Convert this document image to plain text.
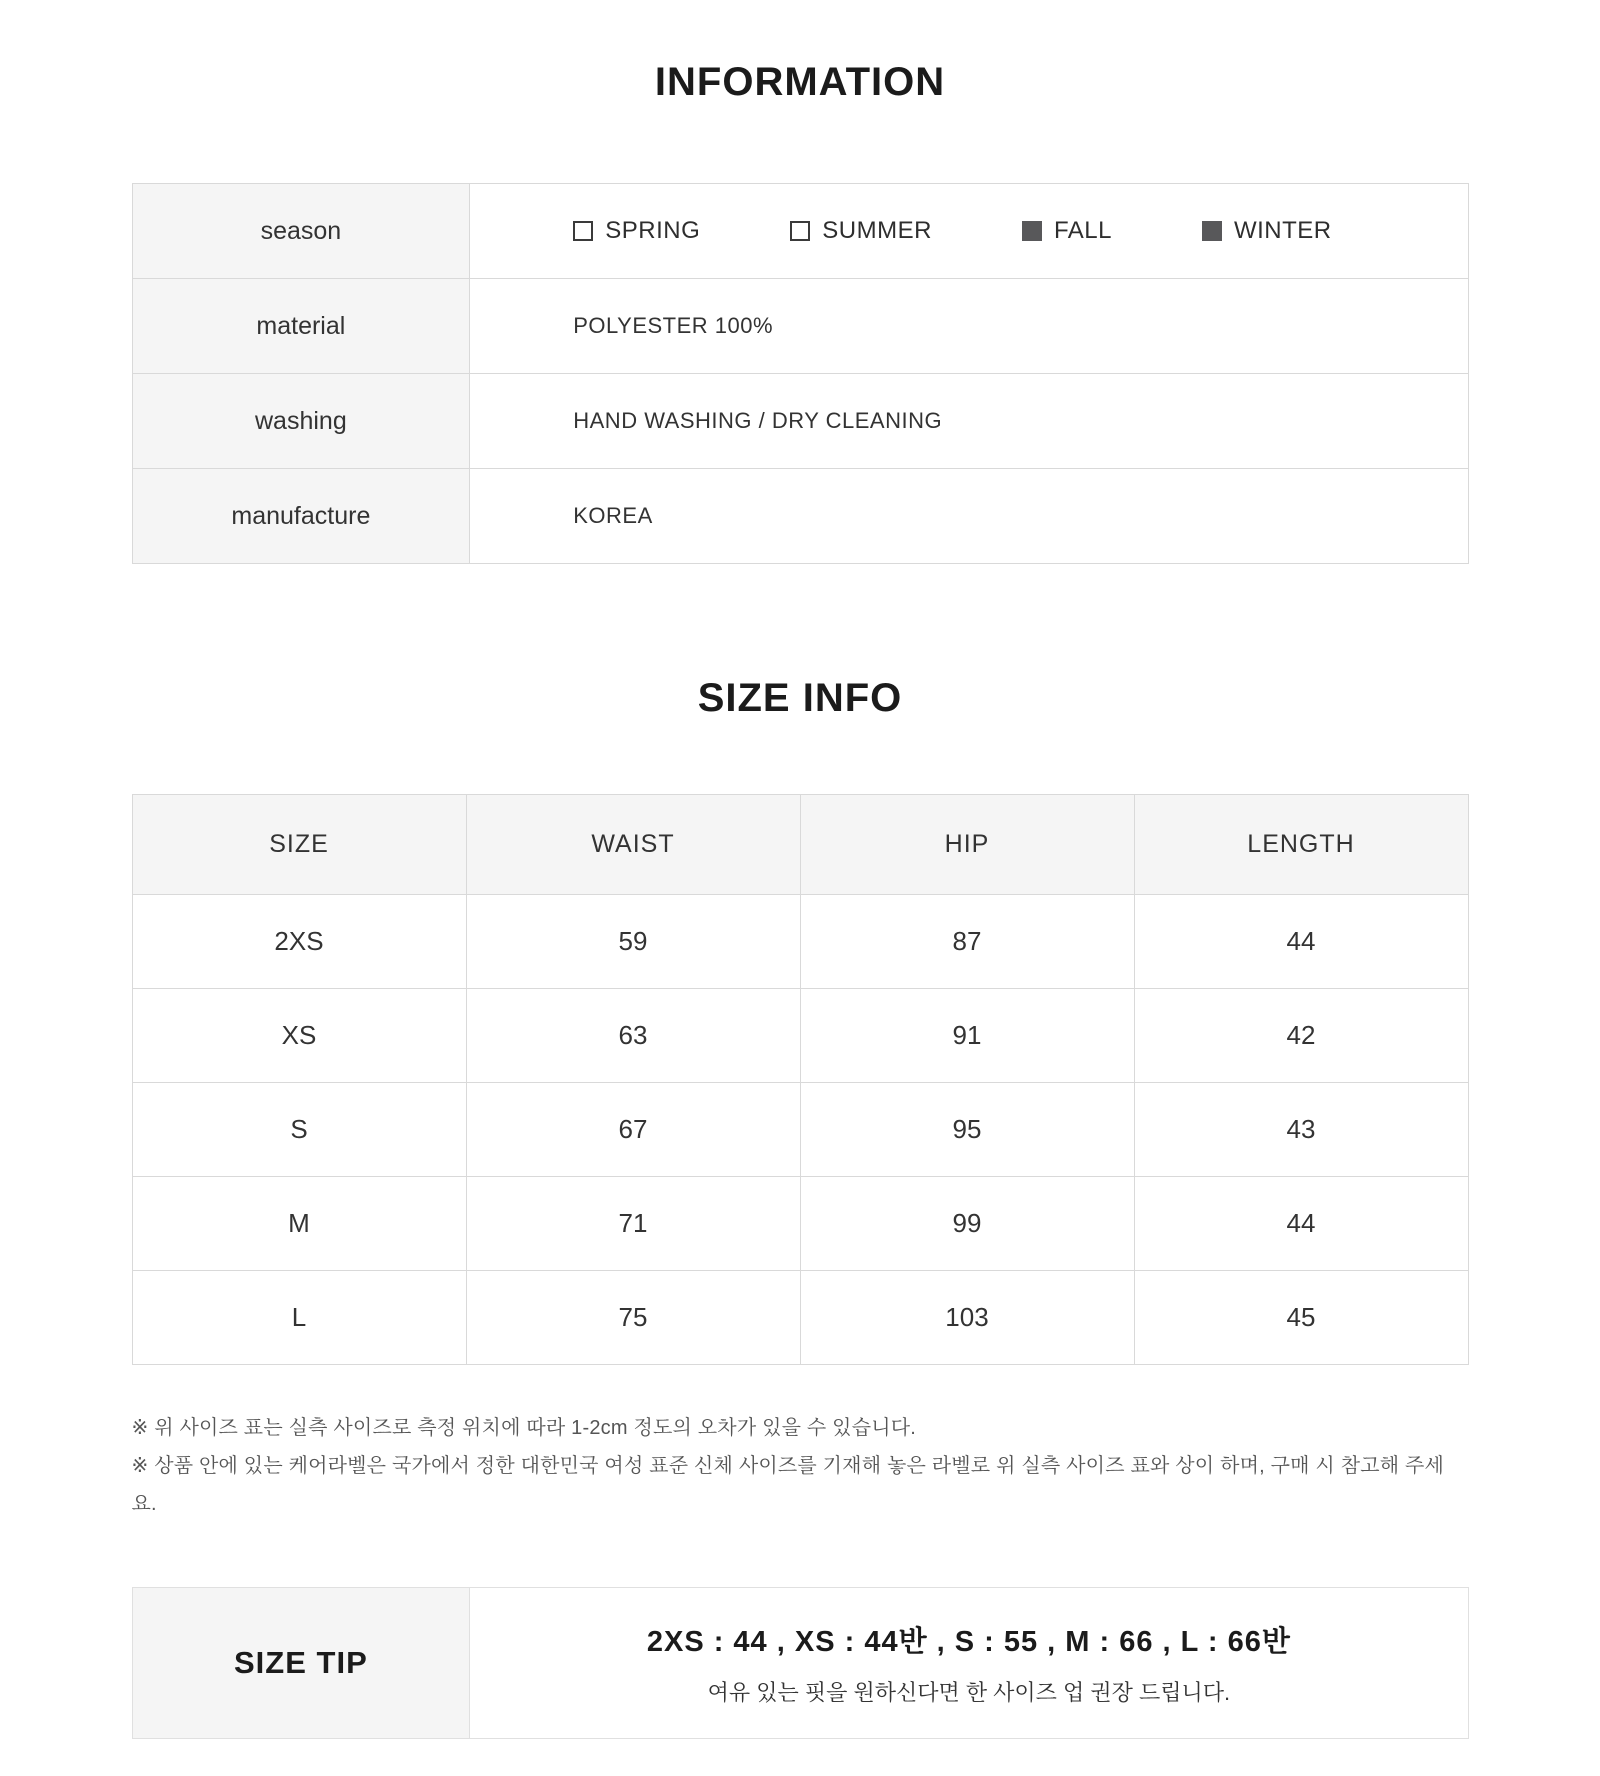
INFORMATION
season	SPRING	SUMMER	FALL	WINTER
material	POLYESTER 100%
washing	HAND WASHING / DRY CLEANING
manufacture	KOREA
SIZE INFO
SIZE	WAIST	HIP	LENGTH
2XS	59	87	44
XS	63	91	42
S	67	95	43
M	71	99	44
L	75	103	45
※ 위 사이즈 표는 실측 사이즈로 측정 위치에 따라 1-2cm 정도의 오차가 있을 수 있습니다.
※ 상품 안에 있는 케어라벨은 국가에서 정한 대한민국 여성 표준 신체 사이즈를 기재해 놓은 라벨로 위 실측 사이즈 표와 상이 하며, 구매 시 참고해 주세요.
SIZE TIP
2XS : 44 , XS : 44반 , S : 55 , M : 66 , L : 66반
여유 있는 핏을 원하신다면 한 사이즈 업 권장 드립니다.
